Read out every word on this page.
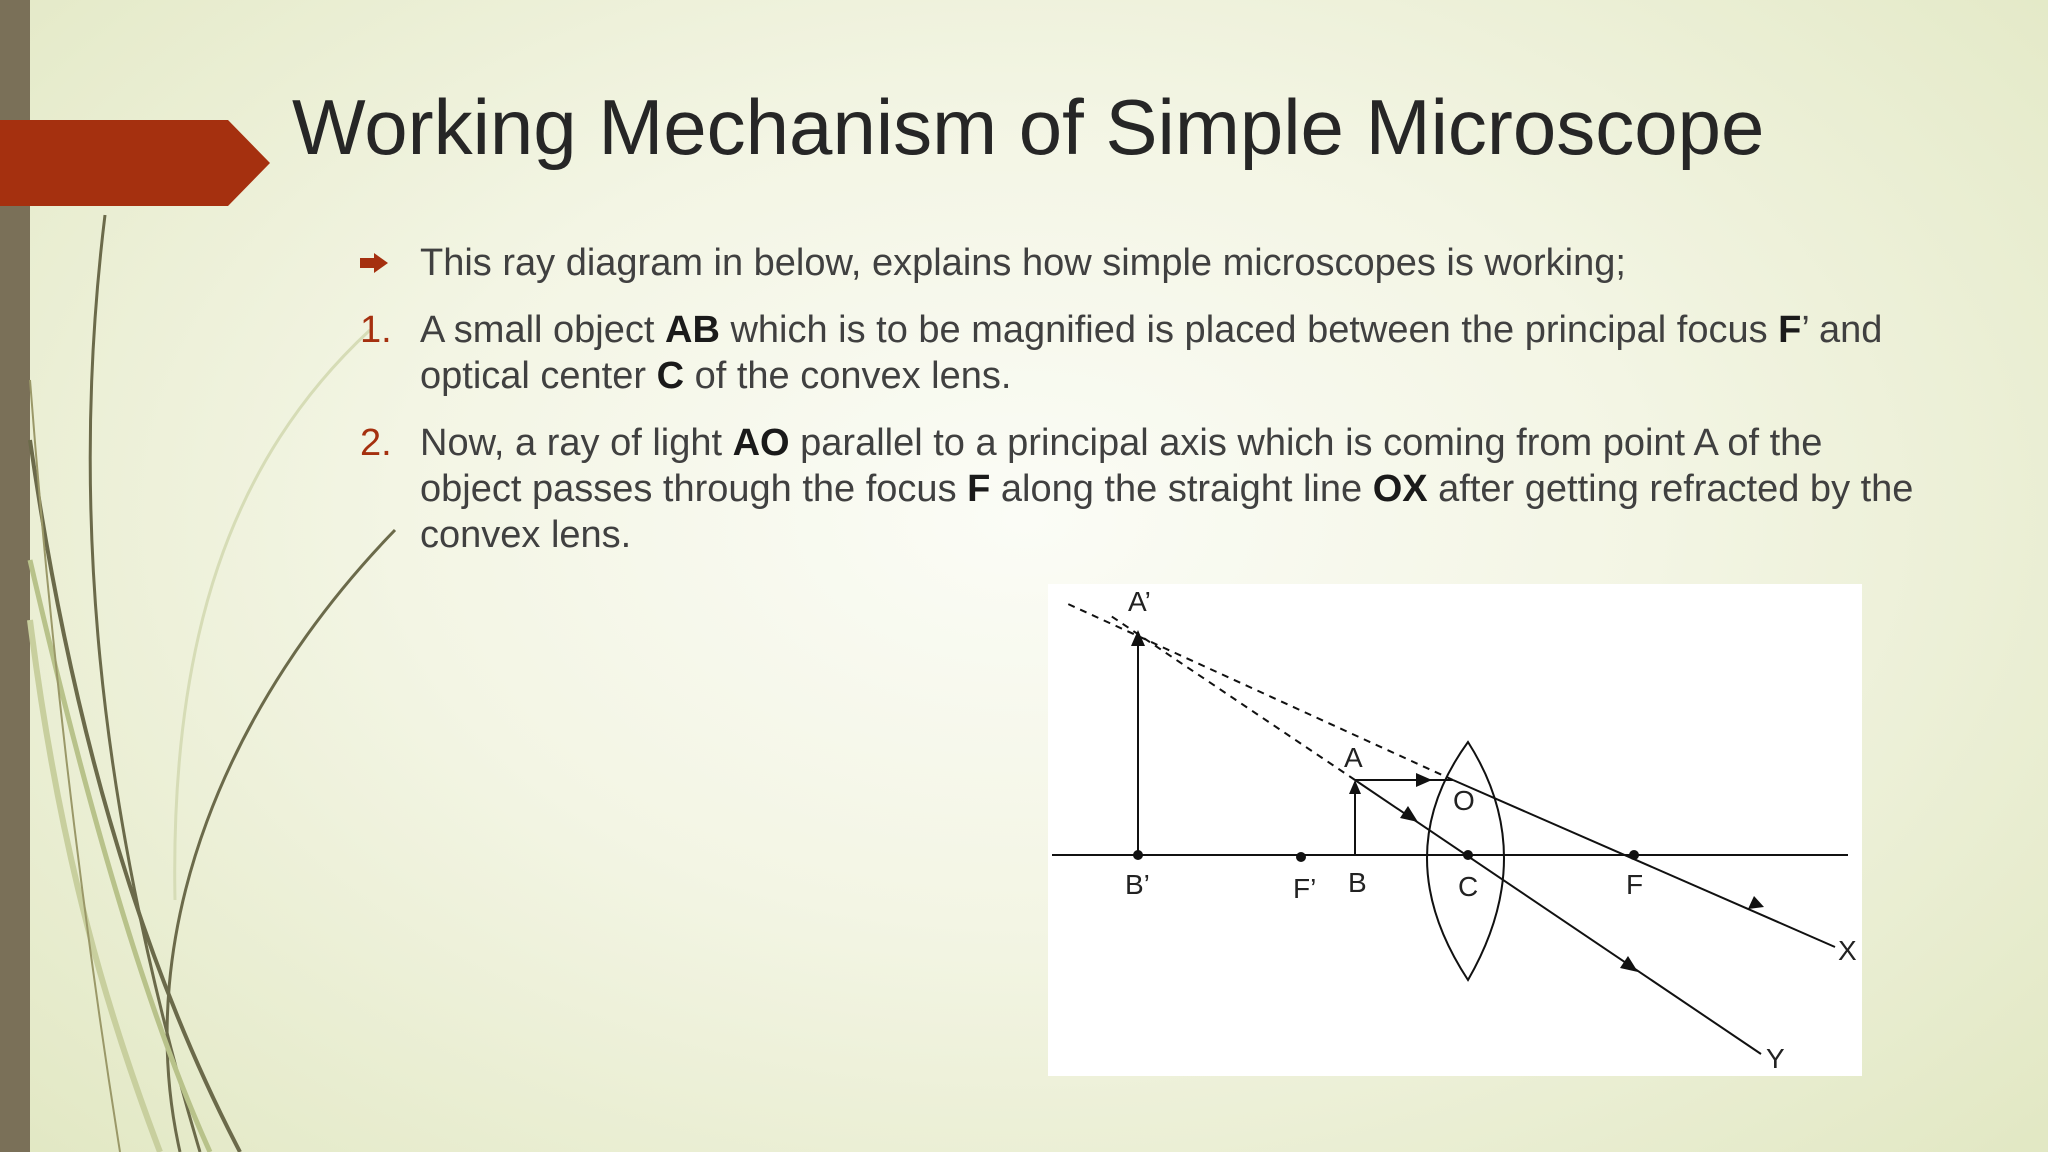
Working Mechanism of Simple Microscope
This ray diagram in below, explains how simple microscopes is working;
1. A small object AB which is to be magnified is placed between the principal focus F’ and optical center C of the convex lens.
2. Now, a ray of light AO parallel to a principal axis which is coming from point A of the object passes through the focus F along the straight line OX after getting refracted by the convex lens.
A’
A
O
B’	F’ B	C	F
X
Y
